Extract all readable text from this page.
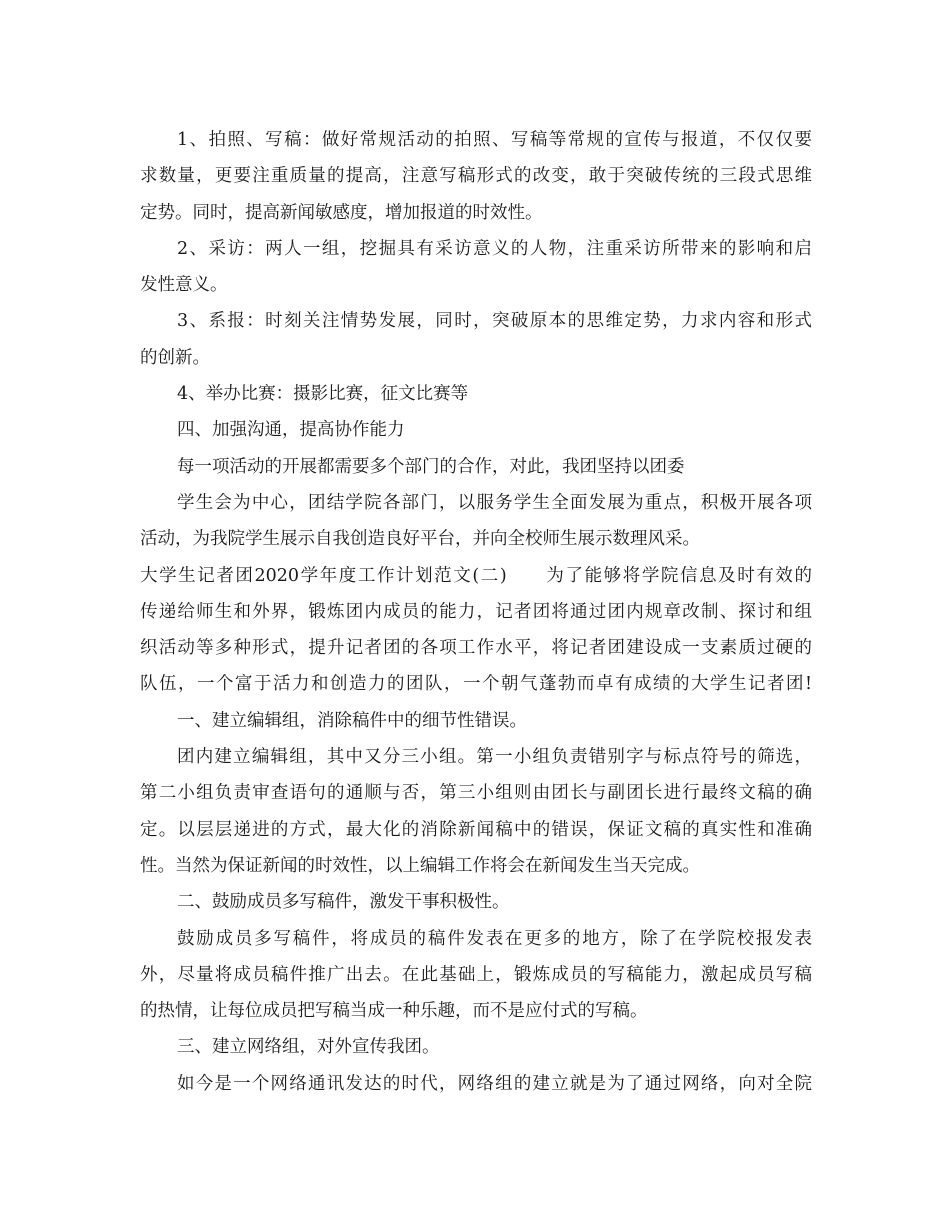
1、拍照、写稿：做好常规活动的拍照、写稿等常规的宣传与报道，不仅仅要
求数量，更要注重质量的提高，注意写稿形式的改变，敢于突破传统的三段式思维
定势。同时，提高新闻敏感度，增加报道的时效性。
2、采访：两人一组，挖掘具有采访意义的人物，注重采访所带来的影响和启
发性意义。
3、系报：时刻关注情势发展，同时，突破原本的思维定势，力求内容和形式
的创新。
4、举办比赛：摄影比赛，征文比赛等
四、加强沟通，提高协作能力
每一项活动的开展都需要多个部门的合作，对此，我团坚持以团委
学生会为中心，团结学院各部门，以服务学生全面发展为重点，积极开展各项
活动，为我院学生展示自我创造良好平台，并向全校师生展示数理风采。
大学生记者团2020学年度工作计划范文(二)　　为了能够将学院信息及时有效的
传递给师生和外界，锻炼团内成员的能力，记者团将通过团内规章改制、探讨和组
织活动等多种形式，提升记者团的各项工作水平，将记者团建设成一支素质过硬的
队伍，一个富于活力和创造力的团队，一个朝气蓬勃而卓有成绩的大学生记者团!
一、建立编辑组，消除稿件中的细节性错误。
团内建立编辑组，其中又分三小组。第一小组负责错别字与标点符号的筛选，
第二小组负责审查语句的通顺与否，第三小组则由团长与副团长进行最终文稿的确
定。以层层递进的方式，最大化的消除新闻稿中的错误，保证文稿的真实性和准确
性。当然为保证新闻的时效性，以上编辑工作将会在新闻发生当天完成。
二、鼓励成员多写稿件，激发干事积极性。
鼓励成员多写稿件，将成员的稿件发表在更多的地方，除了在学院校报发表
外，尽量将成员稿件推广出去。在此基础上，锻炼成员的写稿能力，激起成员写稿
的热情，让每位成员把写稿当成一种乐趣，而不是应付式的写稿。
三、建立网络组，对外宣传我团。
如今是一个网络通讯发达的时代，网络组的建立就是为了通过网络，向对全院
